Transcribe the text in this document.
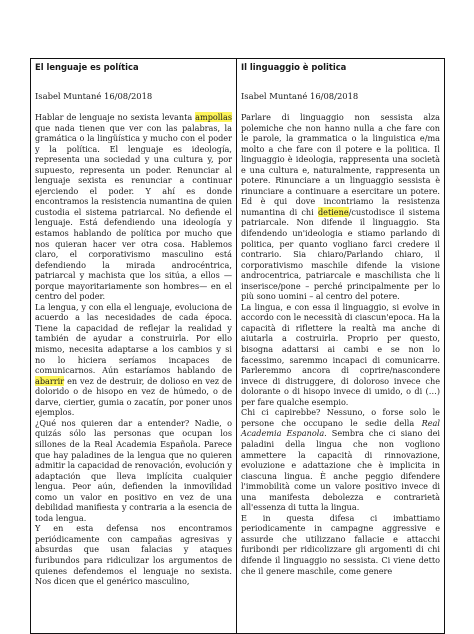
El lenguaje es política

Isabel Muntané 16/08/2018

Hablar de lenguaje no sexista levanta ampollas que nada tienen que ver con las palabras, la gramática o la lingüística y mucho con el poder y la política. El lenguaje es ideología, representa una sociedad y una cultura y, por supuesto, representa un poder. Renunciar al lenguaje sexista es renunciar a continuar ejerciendo el poder. Y ahí es donde encontramos la resistencia numantina de quien custodia el sistema patriarcal. No defiende el lenguaje. Está defendiendo una ideología y estamos hablando de política por mucho que nos quieran hacer ver otra cosa. Hablemos claro, el corporativismo masculino está defendiendo la mirada androcéntrica, patriarcal y machista que los sitúa, a ellos — porque mayoritariamente son hombres— en el centro del poder.

La lengua, y con ella el lenguaje, evoluciona de acuerdo a las necesidades de cada época. Tiene la capacidad de reflejar la realidad y también de ayudar a construirla. Por ello mismo, necesita adaptarse a los cambios y si no lo hiciera seríamos incapaces de comunicarnos. Aún estaríamos hablando de abarrir en vez de destruir, de dolioso en vez de dolorido o de hisopo en vez de húmedo, o de darve, ciertier, gumia o zacatín, por poner unos ejemplos.

¿Qué nos quieren dar a entender? Nadie, o quizás sólo las personas que ocupan los sillones de la Real Academia Española. Parece que hay paladines de la lengua que no quieren admitir la capacidad de renovación, evolución y adaptación que lleva implícita cualquier lengua. Peor aún, defienden la inmovilidad como un valor en positivo en vez de una debilidad manifiesta y contraria a la esencia de toda lengua.

Y en esta defensa nos encontramos periódicamente con campañas agresivas y absurdas que usan falacias y ataques furibundos para ridiculizar los argumentos de quienes defendemos el lenguaje no sexista. Nos dicen que el genérico masculino,

Il linguaggio è politica

Isabel Muntané 16/08/2018

Parlare di linguaggio non sessista alza polemiche che non hanno nulla a che fare con le parole, la grammatica o la linguistica e/ma molto a che fare con il potere e la politica. Il linguaggio è ideologia, rappresenta una società e una cultura e, naturalmente, rappresenta un potere. Rinunciare a un linguaggio sessista è rinunciare a continuare a esercitare un potere. Ed è qui dove incontriamo la resistenza numantina di chi detiene/custodisce il sistema patriarcale. Non difende il linguaggio. Sta difendendo un'ideologia e stiamo parlando di politica, per quanto vogliano farci credere il contrario. Sia chiaro/Parlando chiaro, il corporativismo maschile difende la visione androcentrica, patriarcale e maschilista che li inserisce/pone – perché principalmente per lo più sono uomini – al centro del potere.

La lingua, e con essa il linguaggio, si evolve in accordo con le necessità di ciascun'epoca. Ha la capacità di riflettere la realtà ma anche di aiutarla a costruirla. Proprio per questo, bisogna adattarsi ai cambi e se non lo facessimo, saremmo incapaci di comunicarre. Parleremmo ancora di coprire/nascondere invece di distruggere, di doloroso invece che dolorante o di hisopo invece di umido, o di (…) per fare qualche esempio.

Chi ci capirebbe? Nessuno, o forse solo le persone che occupano le sedie della Real Academia Espanola. Sembra che ci siano dei paladini della lingua che non vogliono ammettere la capacità di rinnovazione, evoluzione e adattazione che è implicita in ciascuna lingua. È anche peggio difendere l'immobilità come un valore positivo invece di una manifesta debolezza e contrarietà all'essenza di tutta la lingua.

E in questa difesa ci imbattiamo periodicamente in campagne aggressive e assurde che utilizzano fallacie e attacchi furibondi per ridicolizzare gli argomenti di chi difende il linguaggio no sessista. Ci viene detto che il genere maschile, come genere
